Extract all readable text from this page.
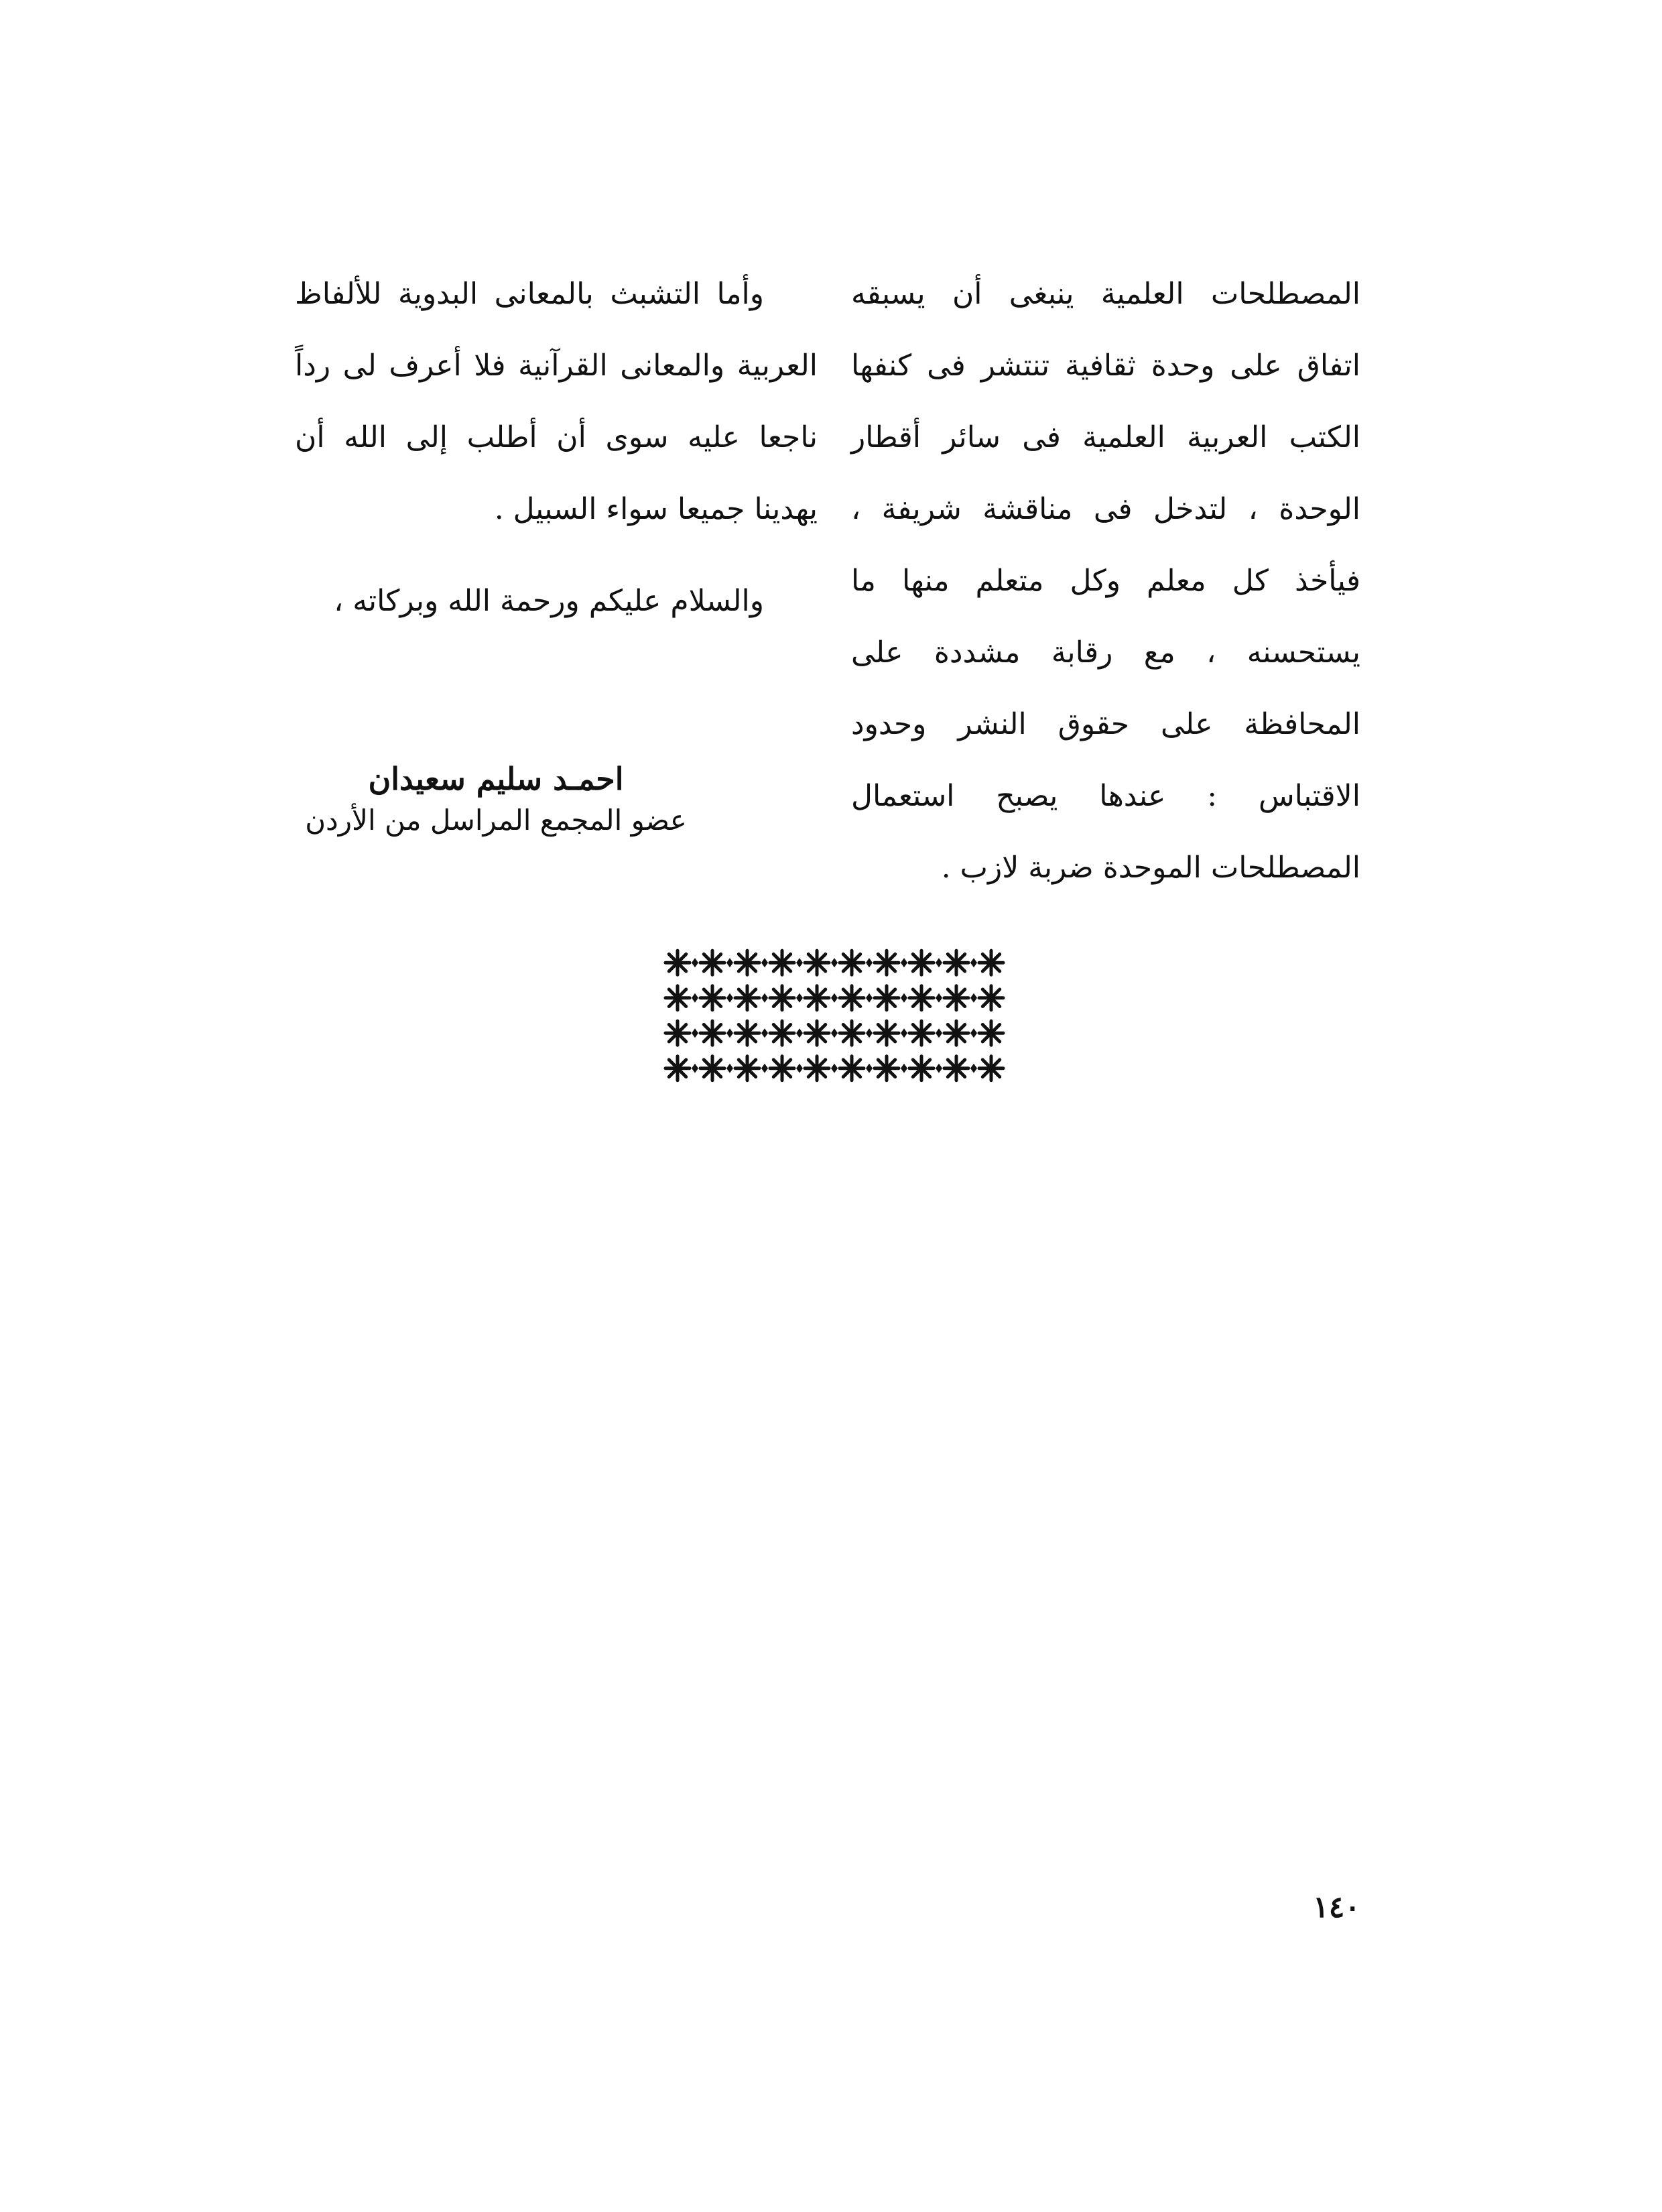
المصطلحات العلمية ينبغى أن يسبقه اتفاق على وحدة ثقافية تنتشر فى كنفها الكتب العربية العلمية فى سائر أقطار الوحدة ، لتدخل فى مناقشة شريفة ، فيأخذ كل معلم وكل متعلم منها ما يستحسنه ، مع رقابة مشددة على المحافظة على حقوق النشر وحدود الاقتباس : عندها يصبح استعمال المصطلحات الموحدة ضربة لازب .

وأما التشبث بالمعانى البدوية للألفاظ العربية والمعانى القرآنية فلا أعرف لى رداً ناجعا عليه سوى أن أطلب إلى الله أن يهدينا جميعا سواء السبيل .

والسلام عليكم ورحمة الله وبركاته ،

احمـد سليم سعيدان
عضو المجمع المراسل من الأردن
١٤٠
